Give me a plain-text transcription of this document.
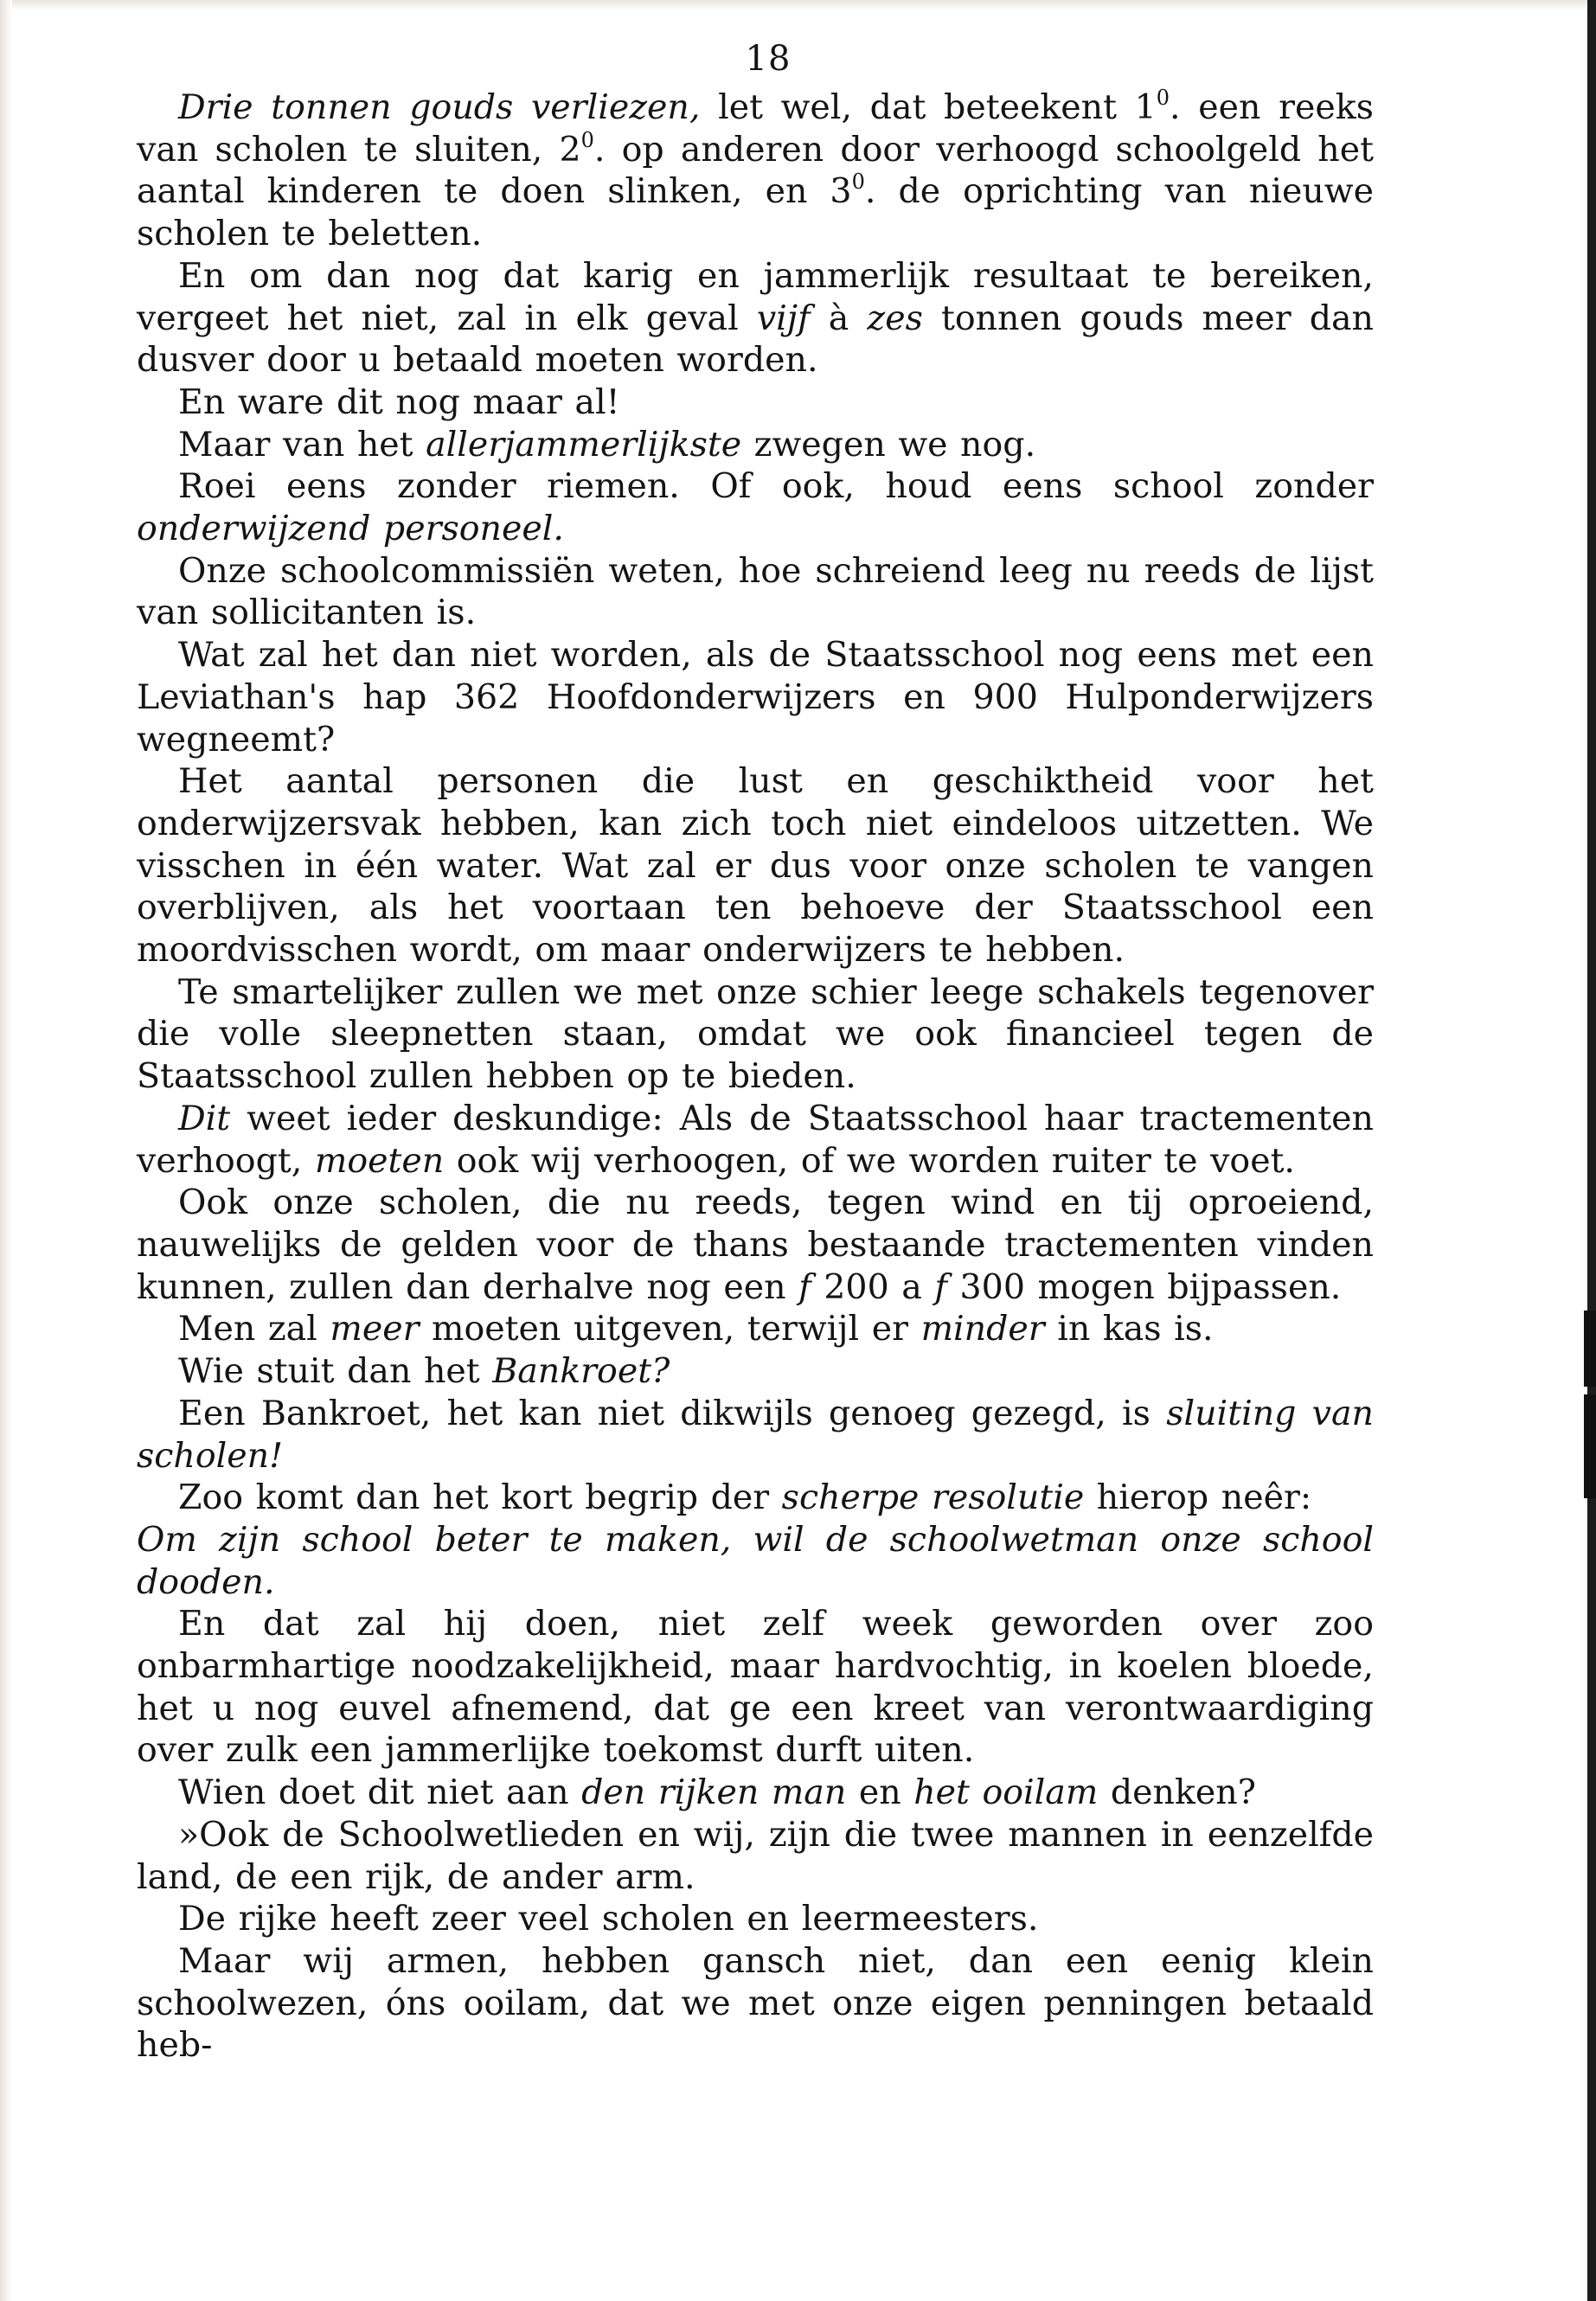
18

Drie tonnen gouds verliezen, let wel, dat beteekent $1^0$. een reeks van scholen te sluiten, $2^0$. op anderen door verhoogd schoolgeld het aantal kinderen te doen slinken, en $3^0$. de oprichting van nieuwe scholen te beletten.

En om dan nog dat karig en jammerlijk resultaat te bereiken, vergeet het niet, zal in elk geval vijf à zes tonnen gouds meer dan dusver door u betaald moeten worden.

En ware dit nog maar al!

Maar van het allerjammerlijkste zwegen we nog.

Roei eens zonder riemen. Of ook, houd eens school zonder onderwijzend personeel.

Onze schoolcommissiën weten, hoe schreiend leeg nu reeds de lijst van sollicitanten is.

Wat zal het dan niet worden, als de Staatsschool nog eens met een Leviathan's hap 362 Hoofdonderwijzers en 900 Hulponderwijzers wegneemt?

Het aantal personen die lust en geschiktheid voor het onderwijzersvak hebben, kan zich toch niet eindeloos uitzetten. We visschen in één water. Wat zal er dus voor onze scholen te vangen overblijven, als het voortaan ten behoeve der Staatsschool een moordvisschen wordt, om maar onderwijzers te hebben.

Te smartelijker zullen we met onze schier leege schakels tegenover die volle sleepnetten staan, omdat we ook financieel tegen de Staatsschool zullen hebben op te bieden.

Dit weet ieder deskundige: Als de Staatsschool haar tractementen verhoogt, moeten ook wij verhoogen, of we worden ruiter te voet.

Ook onze scholen, die nu reeds, tegen wind en tij oproeiend, nauwelijks de gelden voor de thans bestaande tractementen vinden kunnen, zullen dan derhalve nog een f 200 a f 300 mogen bijpassen.

Men zal meer moeten uitgeven, terwijl er minder in kas is.

Wie stuit dan het Bankroet?

Een Bankroet, het kan niet dikwijls genoeg gezegd, is sluiting van scholen!

Zoo komt dan het kort begrip der scherpe resolutie hierop neêr:
Om zijn school beter te maken, wil de schoolwetman onze school dooden.

En dat zal hij doen, niet zelf week geworden over zoo onbarmhartige noodzakelijkheid, maar hardvochtig, in koelen bloede, het u nog euvel afnemend, dat ge een kreet van verontwaardiging over zulk een jammerlijke toekomst durft uiten.

Wien doet dit niet aan den rijken man en het ooilam denken?

»Ook de Schoolwetlieden en wij, zijn die twee mannen in eenzelfde land, de een rijk, de ander arm.

De rijke heeft zeer veel scholen en leermeesters.

Maar wij armen, hebben gansch niet, dan een eenig klein schoolwezen, óns ooilam, dat we met onze eigen penningen betaald heb-
